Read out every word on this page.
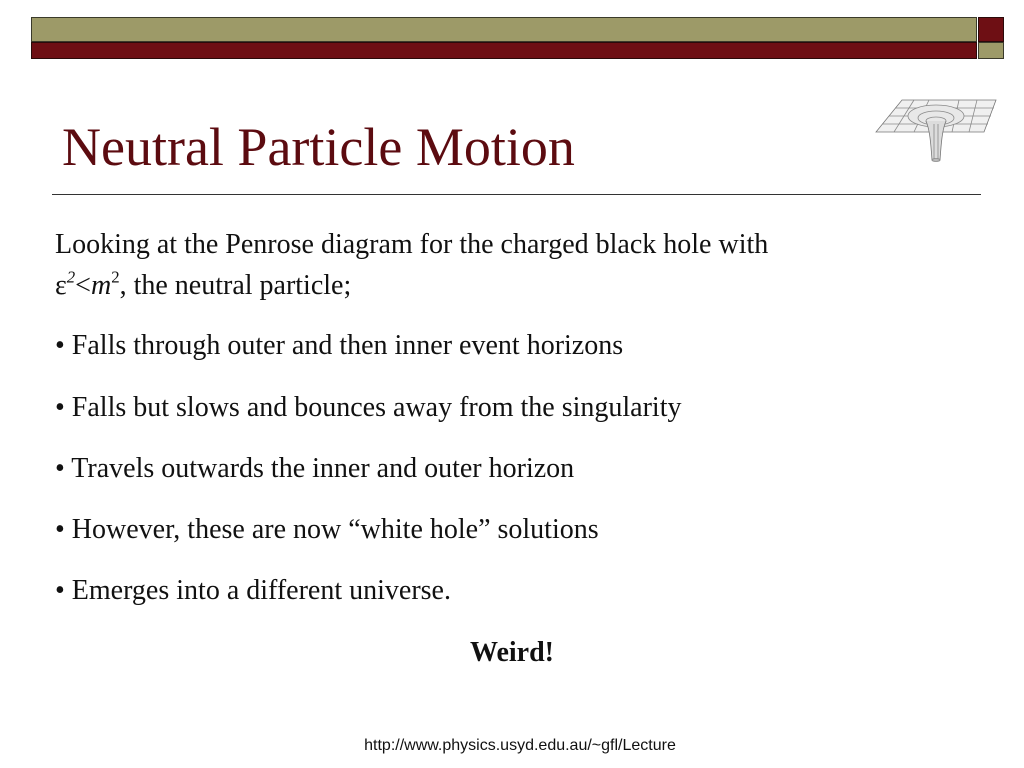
Neutral Particle Motion

Looking at the Penrose diagram for the charged black hole with
$\varepsilon^2<m^2$, the neutral particle;

• Falls through outer and then inner event horizons

• Falls but slows and bounces away from the singularity

• Travels outwards the inner and outer horizon

• However, these are now “white hole” solutions

• Emerges into a different universe.

Weird!

http://www.physics.usyd.edu.au/~gfl/Lecture
